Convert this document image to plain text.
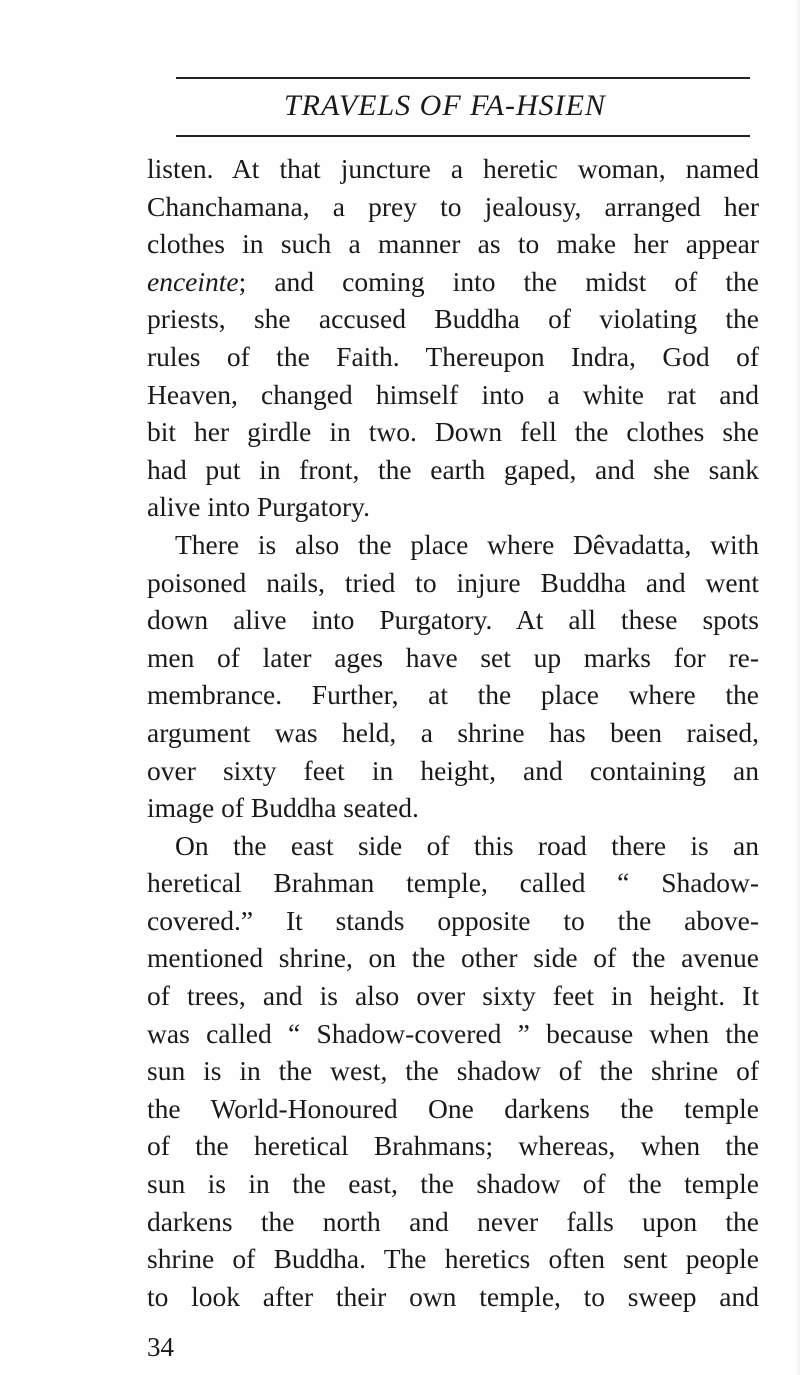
TRAVELS OF FA-HSIEN
listen. At that juncture a heretic woman, named
Chanchamana, a prey to jealousy, arranged her
clothes in such a manner as to make her appear
enceinte; and coming into the midst of the
priests, she accused Buddha of violating the
rules of the Faith. Thereupon Indra, God of
Heaven, changed himself into a white rat and
bit her girdle in two. Down fell the clothes she
had put in front, the earth gaped, and she sank
alive into Purgatory.
There is also the place where Dêvadatta, with
poisoned nails, tried to injure Buddha and went
down alive into Purgatory. At all these spots
men of later ages have set up marks for re-
membrance. Further, at the place where the
argument was held, a shrine has been raised,
over sixty feet in height, and containing an
image of Buddha seated.
On the east side of this road there is an
heretical Brahman temple, called “ Shadow-
covered.” It stands opposite to the above-
mentioned shrine, on the other side of the avenue
of trees, and is also over sixty feet in height. It
was called “ Shadow-covered ” because when the
sun is in the west, the shadow of the shrine of
the World-Honoured One darkens the temple
of the heretical Brahmans; whereas, when the
sun is in the east, the shadow of the temple
darkens the north and never falls upon the
shrine of Buddha. The heretics often sent people
to look after their own temple, to sweep and
34
